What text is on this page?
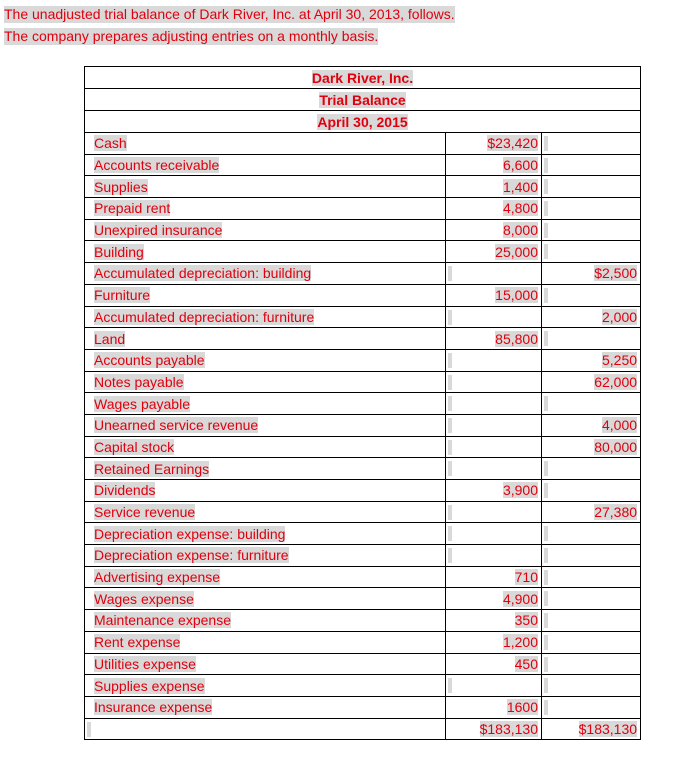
The unadjusted trial balance of Dark River, Inc. at April 30, 2013, follows.
The company prepares adjusting entries on a monthly basis.
Dark River, Inc.		
Trial Balance		
April 30, 2015		
Cash	$23,420	

Accounts receivable	6,600	

Supplies	1,400	

Prepaid rent	4,800	

Unexpired insurance	8,000	

Building	25,000	

Accumulated depreciation: building		$2,500
Furniture	15,000	

Accumulated depreciation: furniture		2,000
Land	85,800	

Accounts payable		5,250
Notes payable		62,000
Wages payable	

Unearned service revenue		4,000
Capital stock		80,000
Retained Earnings	

Dividends	3,900	

Service revenue		27,380
Depreciation expense: building	

Depreciation expense: furniture	

Advertising expense	710	

Wages expense	4,900	

Maintenance expense	350	

Rent expense	1,200	

Utilities expense	450	

Supplies expense	

Insurance expense	1600	

	$183,130	$183,130
